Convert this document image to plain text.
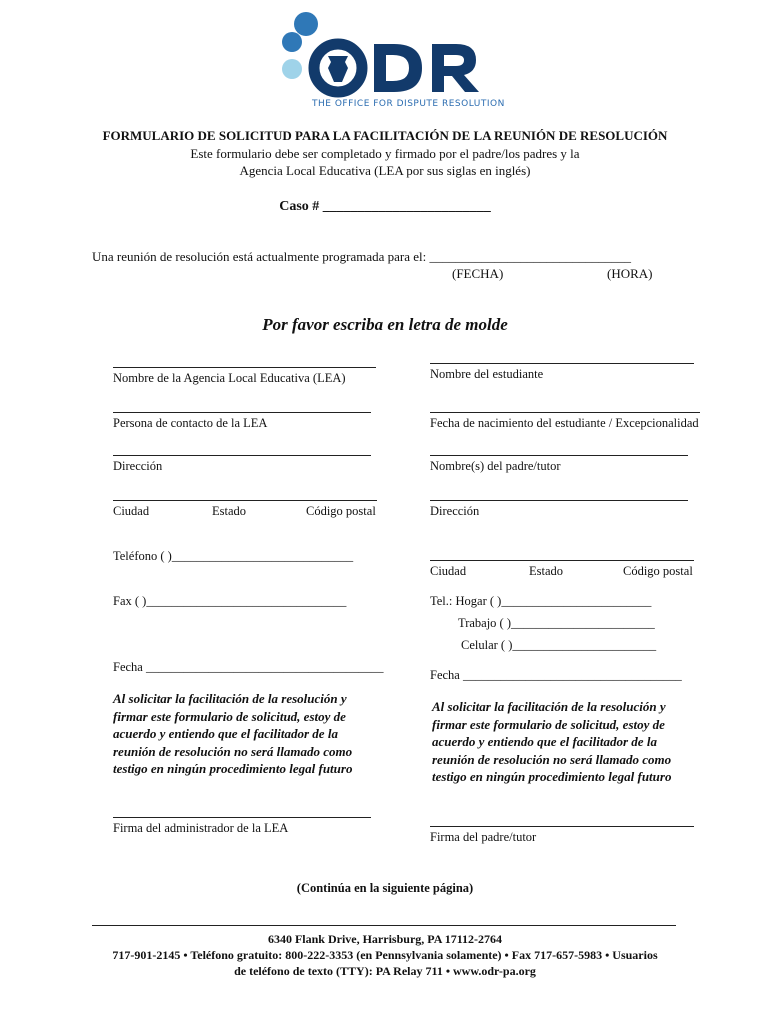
THE OFFICE FOR DISPUTE RESOLUTION
FORMULARIO DE SOLICITUD PARA LA FACILITACIÓN DE LA REUNIÓN DE RESOLUCIÓN
Este formulario debe ser completado y firmado por el padre/los padres y la
Agencia Local Educativa (LEA por sus siglas en inglés)
Caso # ________________________
Una reunión de resolución está actualmente programada para el: _______________________________
(FECHA)	(HORA)
Por favor escriba en letra de molde
Nombre de la Agencia Local Educativa (LEA)
Persona de contacto de la LEA
Dirección
Ciudad	Estado	Código postal
Teléfono ( )_____________________________
Fax ( )________________________________
Fecha ______________________________________
Al solicitar la facilitación de la resolución y firmar este formulario de solicitud, estoy de acuerdo y entiendo que el facilitador de la reunión de resolución no será llamado como testigo en ningún procedimiento legal futuro
Firma del administrador de la LEA
Nombre del estudiante
Fecha de nacimiento del estudiante / Excepcionalidad
Nombre(s) del padre/tutor
Dirección
Ciudad	Estado	Código postal
Tel.: Hogar ( )________________________
Trabajo ( )_______________________
Celular ( )_______________________
Fecha ___________________________________
Al solicitar la facilitación de la resolución y firmar este formulario de solicitud, estoy de acuerdo y entiendo que el facilitador de la reunión de resolución no será llamado como testigo en ningún procedimiento legal futuro
Firma del padre/tutor
(Continúa en la siguiente página)
6340 Flank Drive, Harrisburg, PA 17112-2764
717-901-2145 • Teléfono gratuito: 800-222-3353 (en Pennsylvania solamente) • Fax 717-657-5983 • Usuarios
de teléfono de texto (TTY): PA Relay 711 • www.odr-pa.org
